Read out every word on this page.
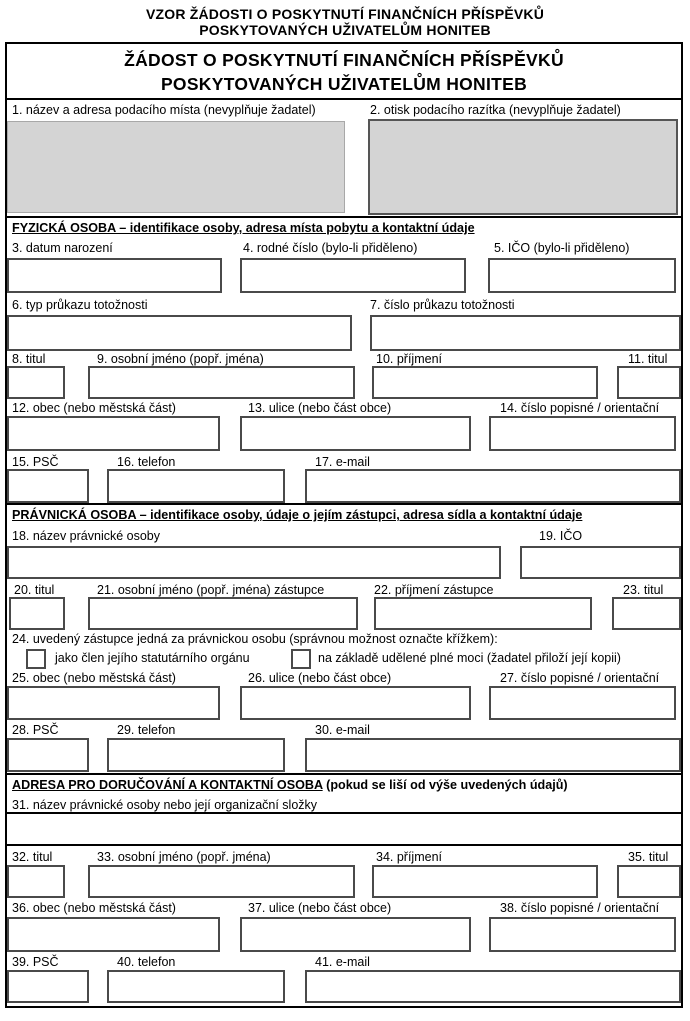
VZOR ŽÁDOSTI O POSKYTNUTÍ FINANČNÍCH PŘÍSPĚVKŮ
POSKYTOVANÝCH UŽIVATELŮM HONITEB
ŽÁDOST O POSKYTNUTÍ FINANČNÍCH PŘÍSPĚVKŮ
POSKYTOVANÝCH UŽIVATELŮM HONITEB
1. název a adresa podacího místa (nevyplňuje žadatel)	2. otisk podacího razítka (nevyplňuje žadatel)
FYZICKÁ OSOBA – identifikace osoby, adresa místa pobytu a kontaktní údaje
3. datum narození	4. rodné číslo (bylo-li přiděleno)	5. IČO (bylo-li přiděleno)
6. typ průkazu totožnosti	7. číslo průkazu totožnosti
8. titul	9. osobní jméno (popř. jména)	10. příjmení	11. titul
12. obec (nebo městská část)	13. ulice (nebo část obce)	14. číslo popisné / orientační
15. PSČ	16. telefon	17. e-mail
PRÁVNICKÁ OSOBA – identifikace osoby, údaje o jejím zástupci, adresa sídla a kontaktní údaje
18. název právnické osoby	19. IČO
20. titul	21. osobní jméno (popř. jména) zástupce	22. příjmení zástupce	23. titul
24. uvedený zástupce jedná za právnickou osobu (správnou možnost označte křížkem):
jako člen jejího statutárního orgánu	na základě udělené plné moci (žadatel přiloží její kopii)
25. obec (nebo městská část)	26. ulice (nebo část obce)	27. číslo popisné / orientační
28. PSČ	29. telefon	30. e-mail
ADRESA PRO DORUČOVÁNÍ A KONTAKTNÍ OSOBA (pokud se liší od výše uvedených údajů)
31. název právnické osoby nebo její organizační složky
32. titul	33. osobní jméno (popř. jména)	34. příjmení	35. titul
36. obec (nebo městská část)	37. ulice (nebo část obce)	38. číslo popisné / orientační
39. PSČ	40. telefon	41. e-mail
